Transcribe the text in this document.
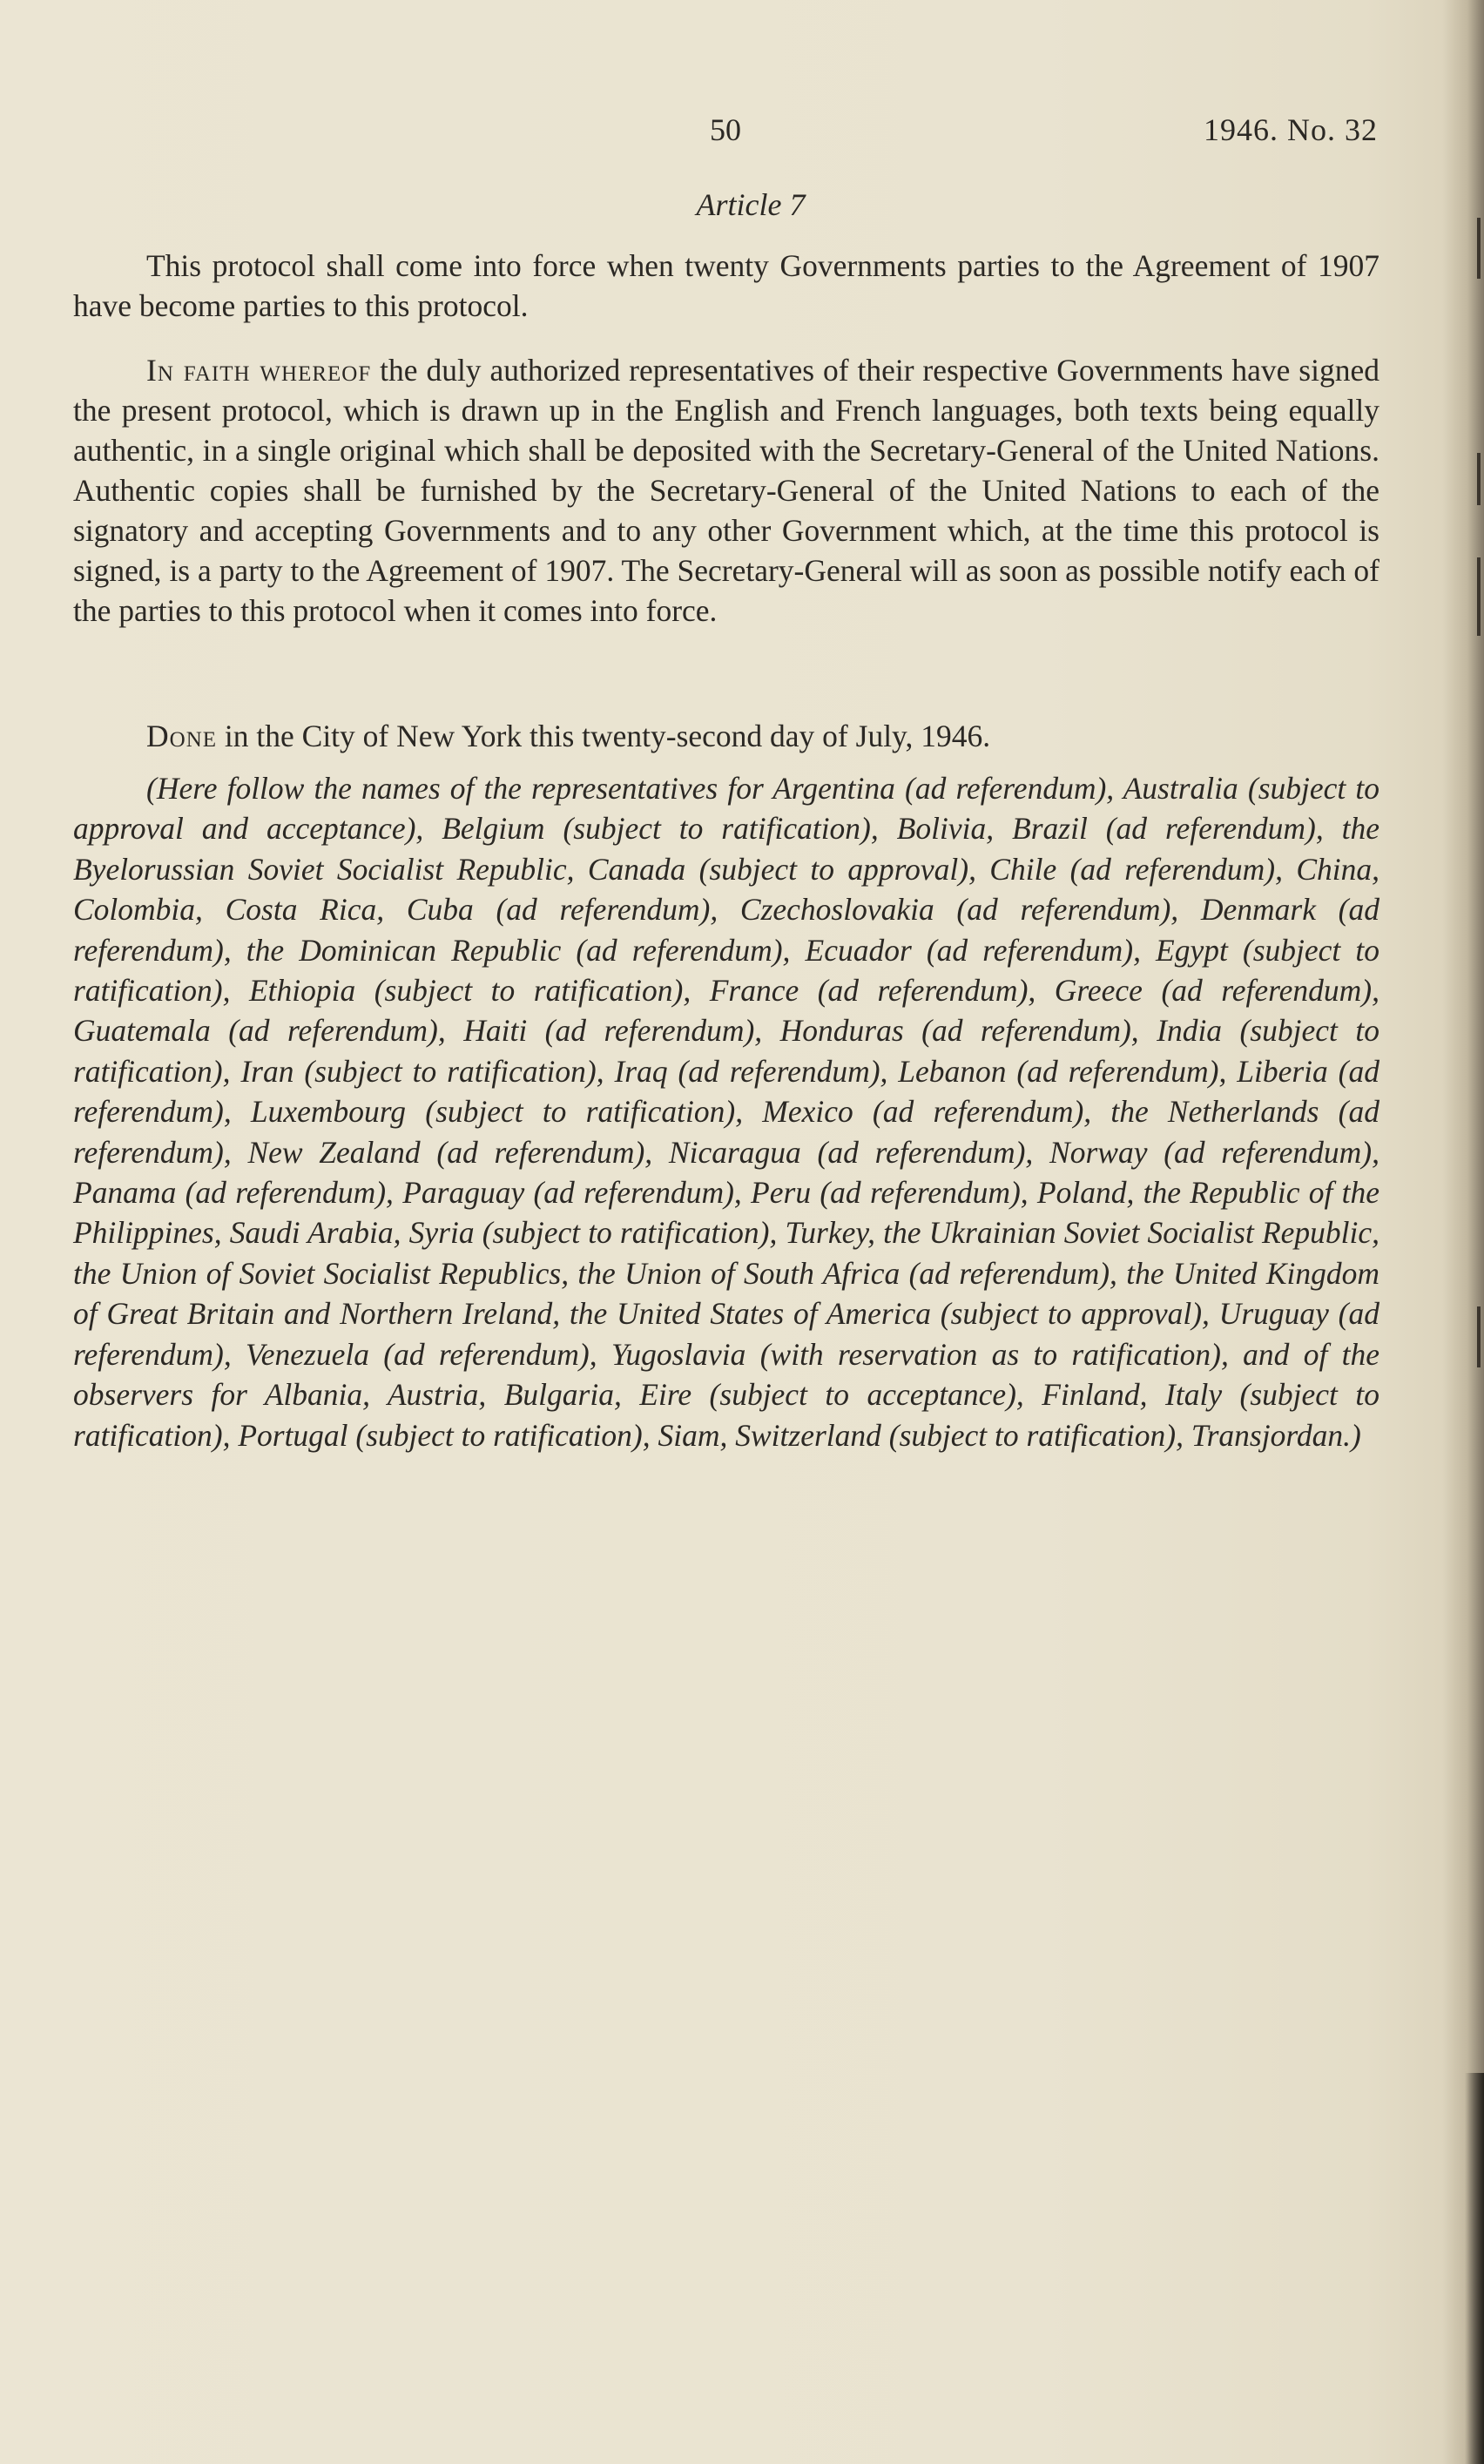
50	1946. No. 32
Article 7

This protocol shall come into force when twenty Governments parties to the Agreement of 1907 have become parties to this protocol.

In faith whereof the duly authorized representatives of their respective Governments have signed the present protocol, which is drawn up in the English and French languages, both texts being equally authentic, in a single original which shall be deposited with the Secretary-General of the United Nations. Authentic copies shall be furnished by the Secretary-General of the United Nations to each of the signatory and accepting Governments and to any other Government which, at the time this protocol is signed, is a party to the Agreement of 1907. The Secretary-General will as soon as possible notify each of the parties to this protocol when it comes into force.

Done in the City of New York this twenty-second day of July, 1946.

(Here follow the names of the representatives for Argentina (ad referendum), Australia (subject to approval and acceptance), Belgium (subject to ratification), Bolivia, Brazil (ad referendum), the Byelorussian Soviet Socialist Republic, Canada (subject to approval), Chile (ad referendum), China, Colombia, Costa Rica, Cuba (ad referendum), Czechoslovakia (ad referendum), Denmark (ad referendum), the Dominican Republic (ad referendum), Ecuador (ad referendum), Egypt (subject to ratification), Ethiopia (subject to ratification), France (ad referendum), Greece (ad referendum), Guatemala (ad referendum), Haiti (ad referendum), Honduras (ad referendum), India (subject to ratification), Iran (subject to ratification), Iraq (ad referendum), Lebanon (ad referendum), Liberia (ad referendum), Luxembourg (subject to ratification), Mexico (ad referendum), the Netherlands (ad referendum), New Zealand (ad referendum), Nicaragua (ad referendum), Norway (ad referendum), Panama (ad referendum), Paraguay (ad referendum), Peru (ad referendum), Poland, the Republic of the Philippines, Saudi Arabia, Syria (subject to ratification), Turkey, the Ukrainian Soviet Socialist Republic, the Union of Soviet Socialist Republics, the Union of South Africa (ad referendum), the United Kingdom of Great Britain and Northern Ireland, the United States of America (subject to approval), Uruguay (ad referendum), Venezuela (ad referendum), Yugoslavia (with reservation as to ratification), and of the observers for Albania, Austria, Bulgaria, Eire (subject to acceptance), Finland, Italy (subject to ratification), Portugal (subject to ratification), Siam, Switzerland (subject to ratification), Transjordan.)
